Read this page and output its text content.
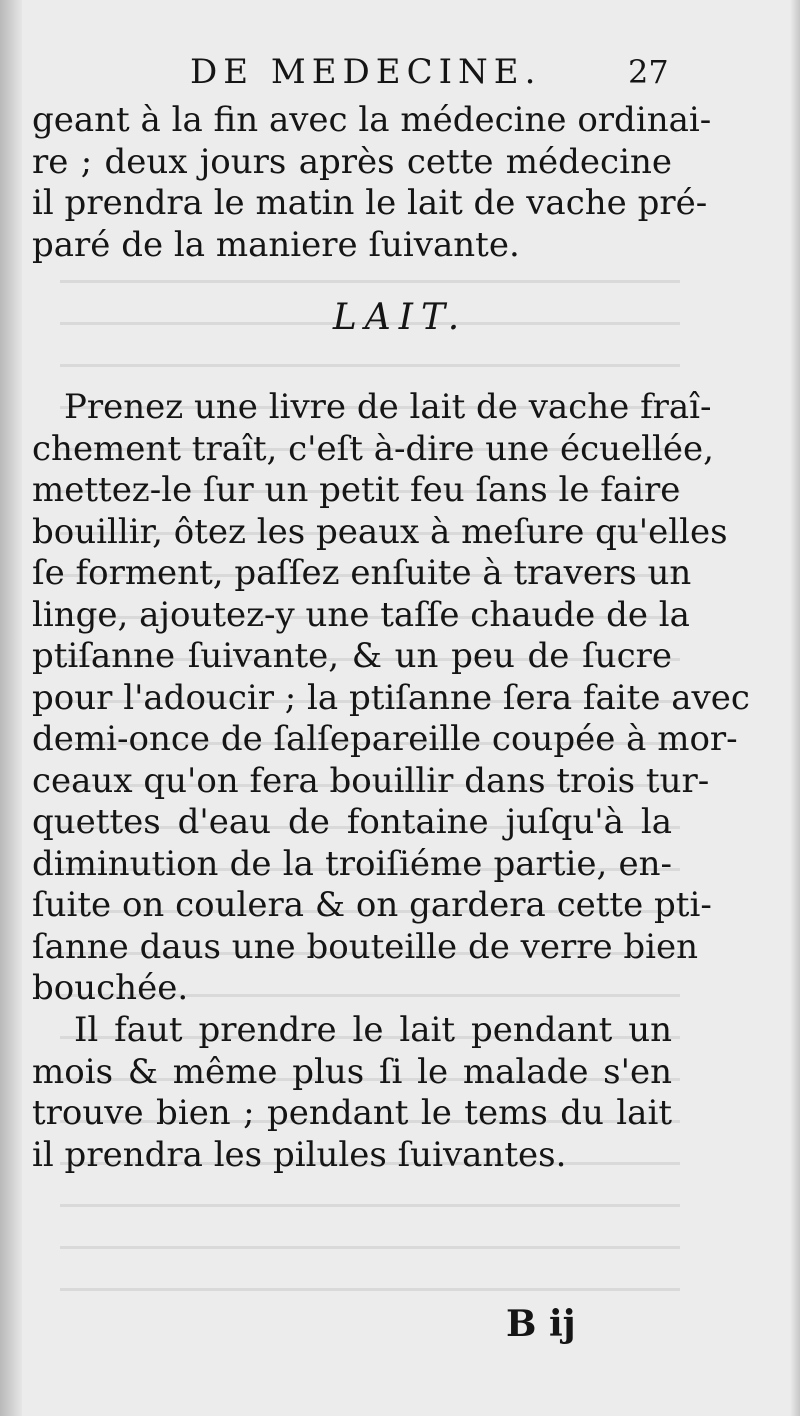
DE MEDECINE.	27
geant à la fin avec la médecine ordinai-
re ; deux jours après cette médecine
il prendra le matin le lait de vache pré-
paré de la maniere ſuivante.
LAIT.
Prenez une livre de lait de vache fraî-
chement traît, c'eſt à-dire une écuellée,
mettez-le ſur un petit feu ſans le faire
bouillir, ôtez les peaux à meſure qu'elles
ſe forment, paſſez enſuite à travers un
linge, ajoutez-y une taſſe chaude de la
ptiſanne ſuivante, & un peu de ſucre
pour l'adoucir ; la ptiſanne ſera faite avec
demi-once de ſalſepareille coupée à mor-
ceaux qu'on fera bouillir dans trois tur-
quettes d'eau de fontaine juſqu'à la
diminution de la troiſiéme partie, en-
ſuite on coulera & on gardera cette pti-
ſanne daus une bouteille de verre bien
bouchée.
Il faut prendre le lait pendant un
mois & même plus ſi le malade s'en
trouve bien ; pendant le tems du lait
il prendra les pilules ſuivantes.
B ij
